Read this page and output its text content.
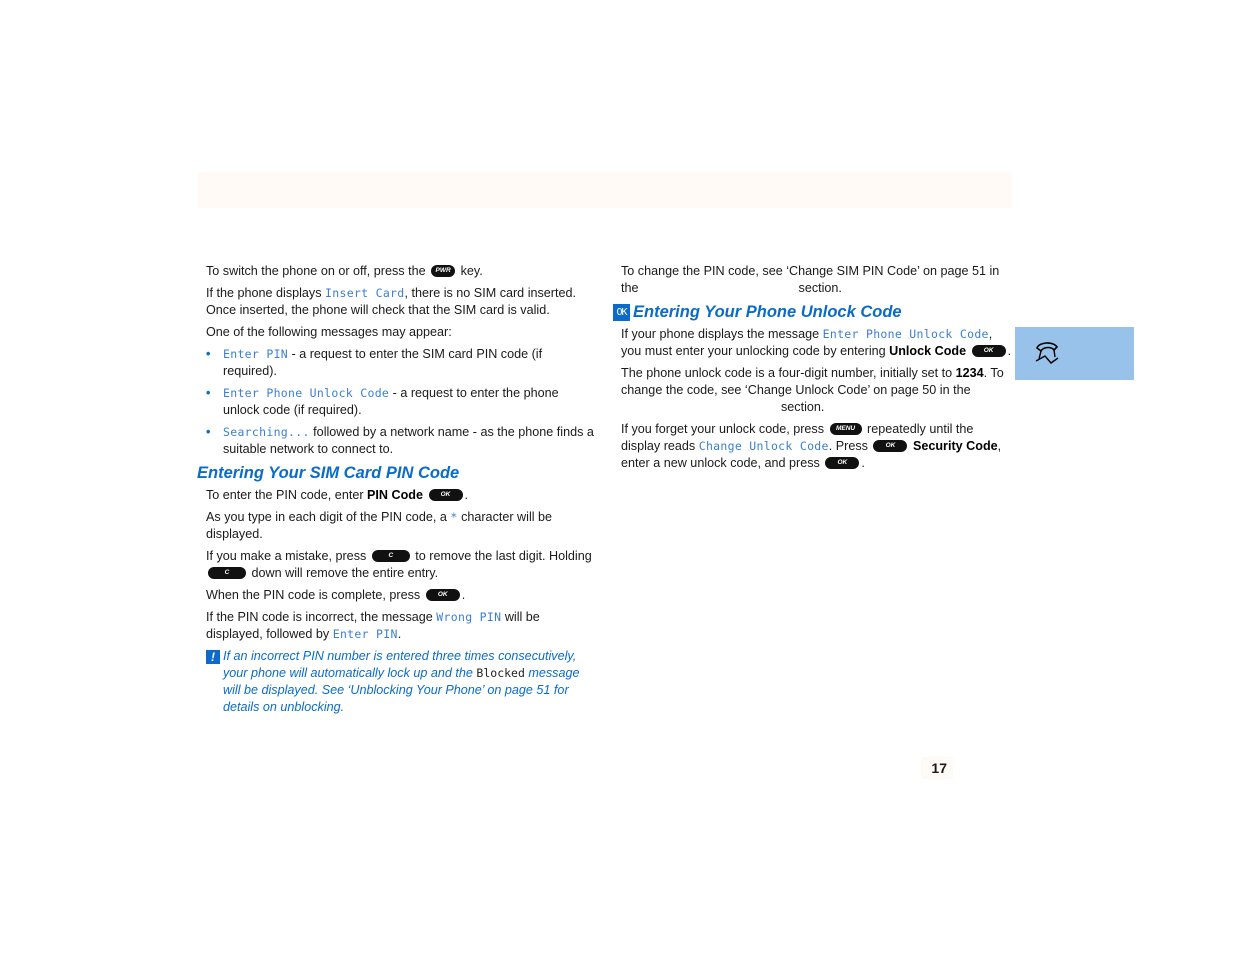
To switch the phone on or off, press the PWR key.

If the phone displays Insert Card, there is no SIM card inserted. Once inserted, the phone will check that the SIM card is valid.

One of the following messages may appear:

• Enter PIN - a request to enter the SIM card PIN code (if required).
• Enter Phone Unlock Code - a request to enter the phone unlock code (if required).
• Searching... followed by a network name - as the phone finds a suitable network to connect to.
Entering Your SIM Card PIN Code

To enter the PIN code, enter PIN Code	OK .

As you type in each digit of the PIN code, a * character will be displayed.

If you make a mistake, press	C to remove the last digit. Holding C down will remove the entire entry.

When the PIN code is complete, press	OK .

If the PIN code is incorrect, the message Wrong PIN will be displayed, followed by Enter PIN.

! If an incorrect PIN number is entered three times consecutively, your phone will automatically lock up and the Blocked message will be displayed. See ‘Unblocking Your Phone’ on page 51 for details on unblocking.

To change the PIN code, see ‘Change SIM PIN Code’ on page 51 in the	section.

OK Entering Your Phone Unlock Code

If your phone displays the message Enter Phone Unlock Code, you must enter your unlocking code by entering Unlock Code	OK .

The phone unlock code is a four-digit number, initially set to 1234. To change the code, see ‘Change Unlock Code’ on page 50 in thesection.

If you forget your unlock code, press MENU repeatedly until the display reads Change Unlock Code. Press	OK Security Code, enter a new unlock code, and press	OK .

17
